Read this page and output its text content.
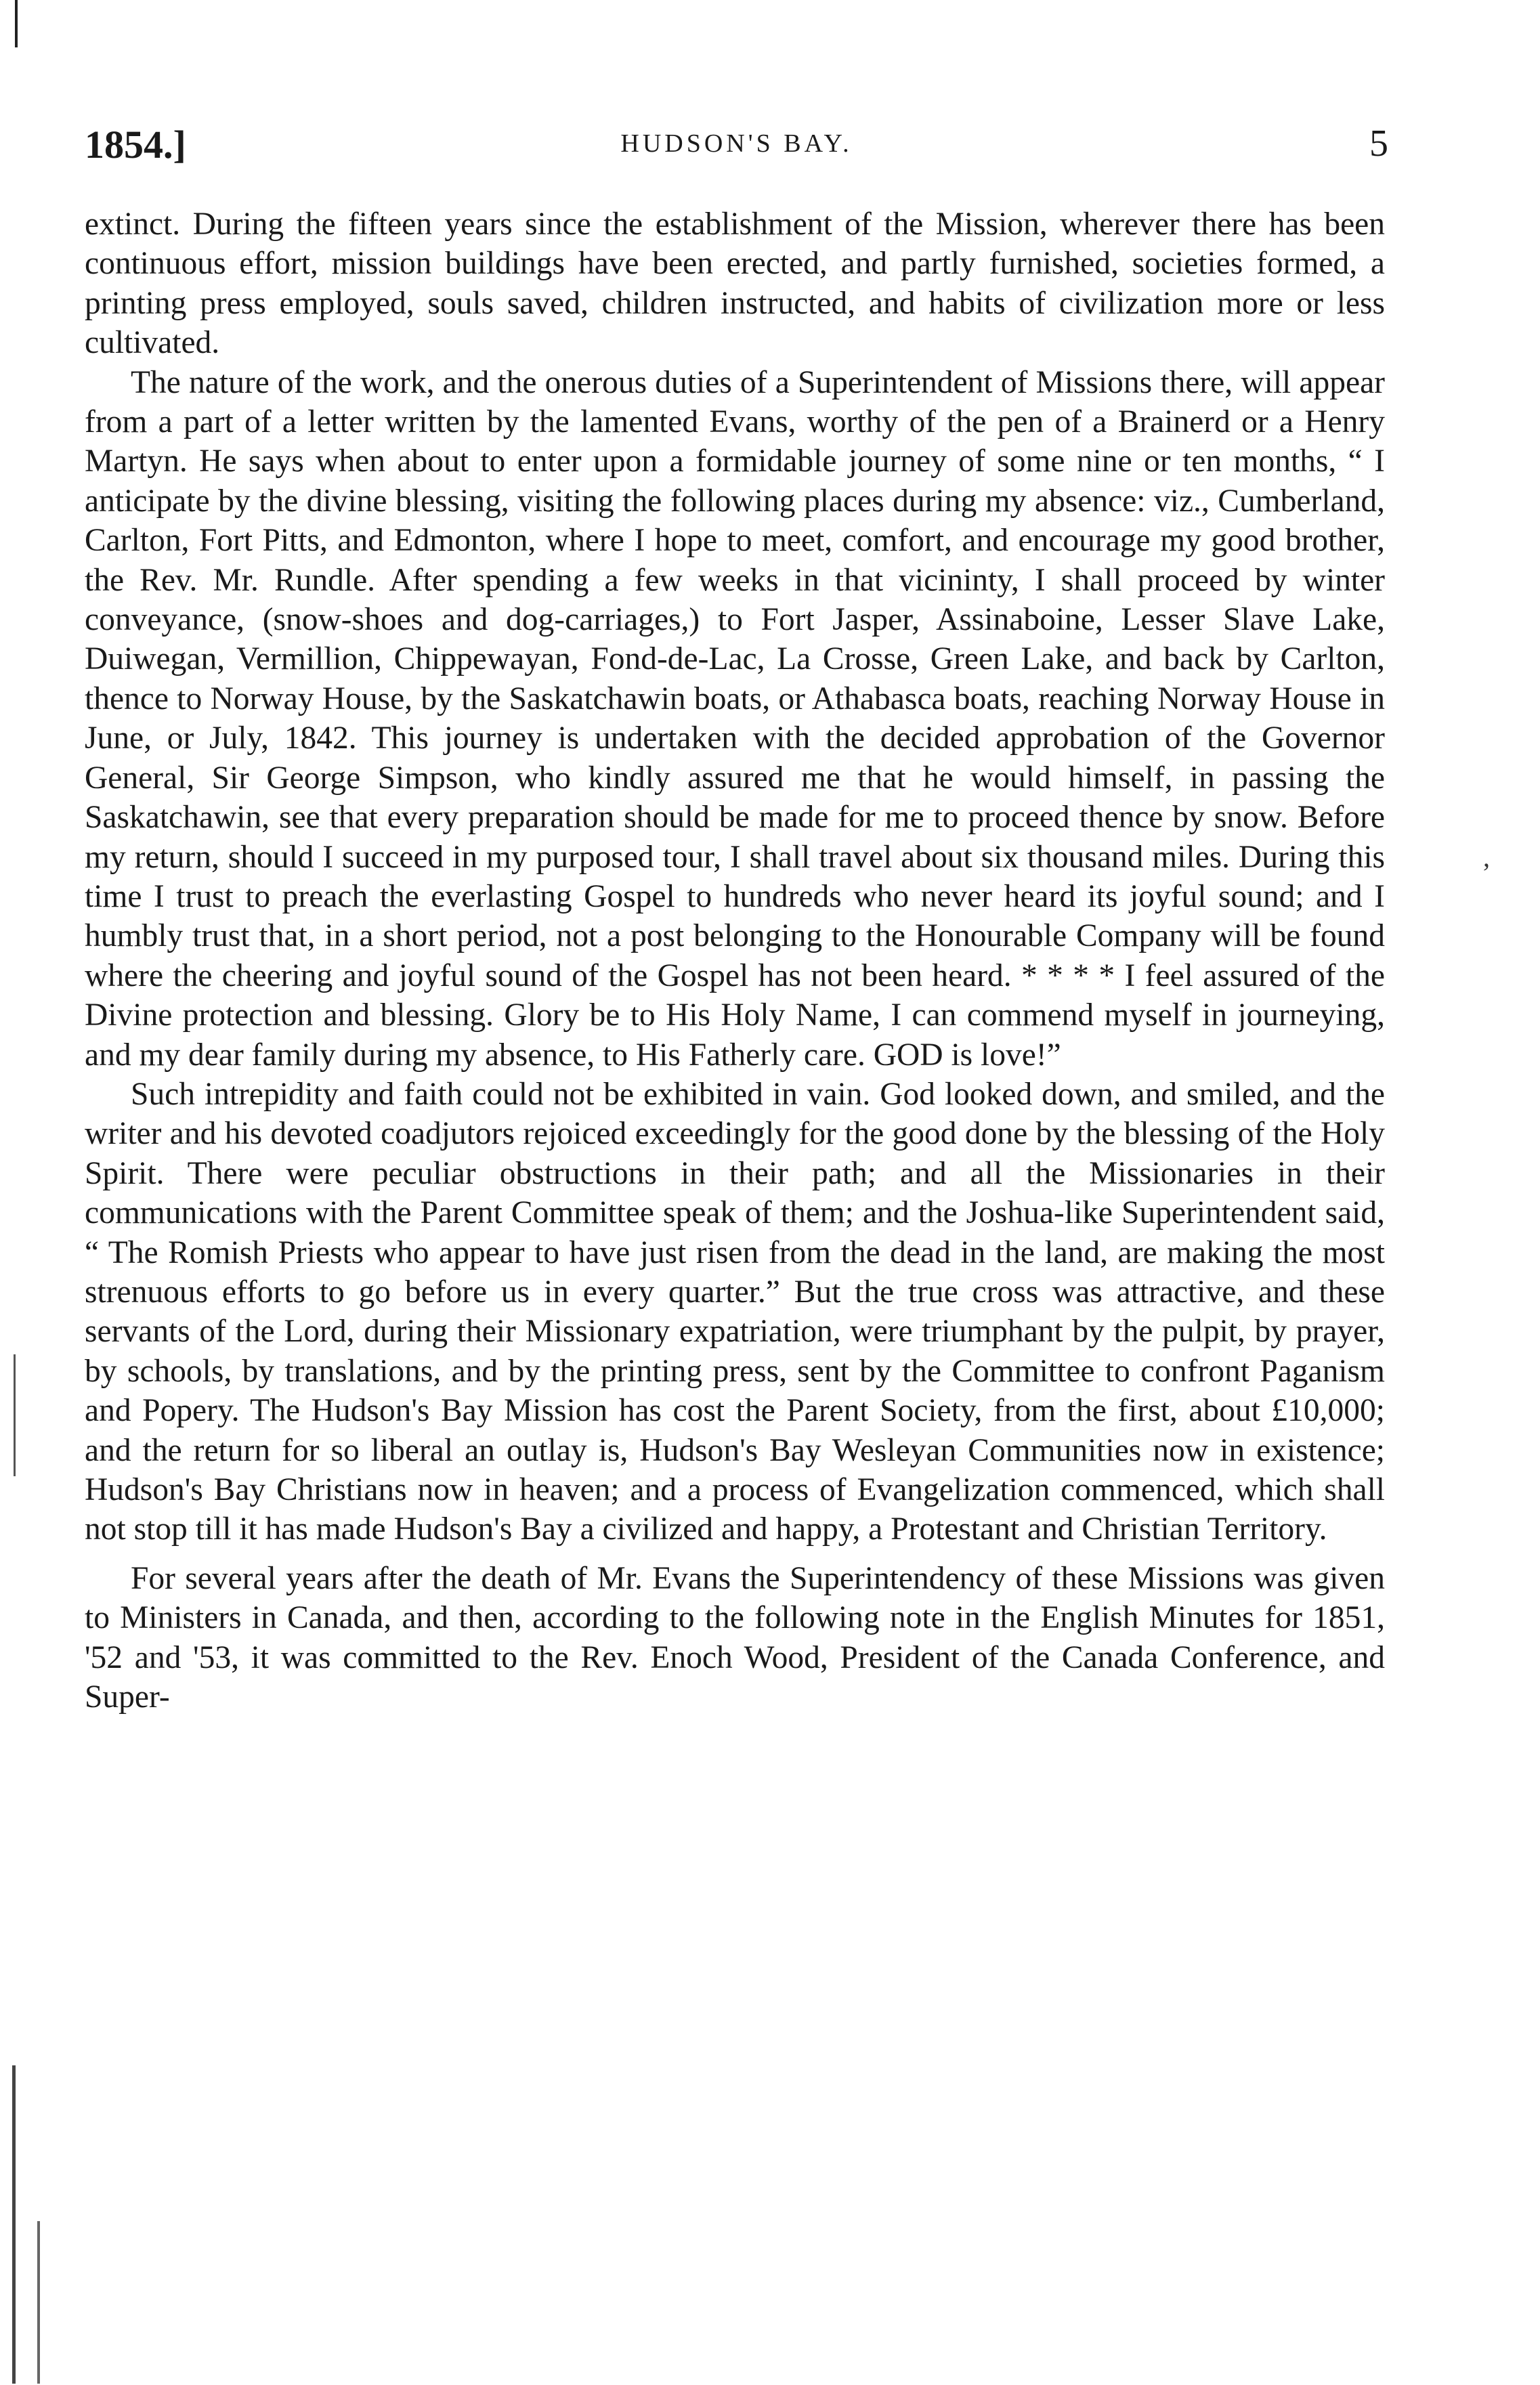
1854.]	HUDSON'S BAY.	5

extinct. During the fifteen years since the establishment of the Mission, wherever there has been continuous effort, mission buildings have been erected, and partly furnished, societies formed, a printing press employed, souls saved, children instructed, and habits of civilization more or less cultivated.

The nature of the work, and the onerous duties of a Superintendent of Missions there, will appear from a part of a letter written by the lamented Evans, worthy of the pen of a Brainerd or a Henry Martyn. He says when about to enter upon a formidable journey of some nine or ten months, “ I anticipate by the divine blessing, visiting the following places during my absence: viz., Cumberland, Carlton, Fort Pitts, and Edmonton, where I hope to meet, comfort, and encourage my good brother, the Rev. Mr. Rundle. After spending a few weeks in that vicininty, I shall proceed by winter conveyance, (snow-shoes and dog-carriages,) to Fort Jasper, Assinaboine, Lesser Slave Lake, Duiwegan, Vermillion, Chippewayan, Fond-de-Lac, La Crosse, Green Lake, and back by Carlton, thence to Norway House, by the Saskatchawin boats, or Athabasca boats, reaching Norway House in June, or July, 1842. This journey is undertaken with the decided approbation of the Governor General, Sir George Simpson, who kindly assured me that he would himself, in passing the Saskatchawin, see that every preparation should be made for me to proceed thence by snow. Before my return, should I succeed in my purposed tour, I shall travel about six thousand miles. During this time I trust to preach the everlasting Gospel to hundreds who never heard its joyful sound; and I humbly trust that, in a short period, not a post belonging to the Honourable Company will be found where the cheering and joyful sound of the Gospel has not been heard. * * * * I feel assured of the Divine protection and blessing. Glory be to His Holy Name, I can commend myself in journeying, and my dear family during my absence, to His Fatherly care. GOD is love!”

Such intrepidity and faith could not be exhibited in vain. God looked down, and smiled, and the writer and his devoted coadjutors rejoiced exceedingly for the good done by the blessing of the Holy Spirit. There were peculiar obstructions in their path; and all the Missionaries in their communications with the Parent Committee speak of them; and the Joshua-like Superintendent said, “ The Romish Priests who appear to have just risen from the dead in the land, are making the most strenuous efforts to go before us in every quarter.” But the true cross was attractive, and these servants of the Lord, during their Missionary expatriation, were triumphant by the pulpit, by prayer, by schools, by translations, and by the printing press, sent by the Committee to confront Paganism and Popery. The Hudson's Bay Mission has cost the Parent Society, from the first, about £10,000; and the return for so liberal an outlay is, Hudson's Bay Wesleyan Communities now in existence; Hudson's Bay Christians now in heaven; and a process of Evangelization commenced, which shall not stop till it has made Hudson's Bay a civilized and happy, a Protestant and Christian Territory.

For several years after the death of Mr. Evans the Superintendency of these Missions was given to Ministers in Canada, and then, according to the following note in the English Minutes for 1851, '52 and '53, it was committed to the Rev. Enoch Wood, President of the Canada Conference, and Super-

’
